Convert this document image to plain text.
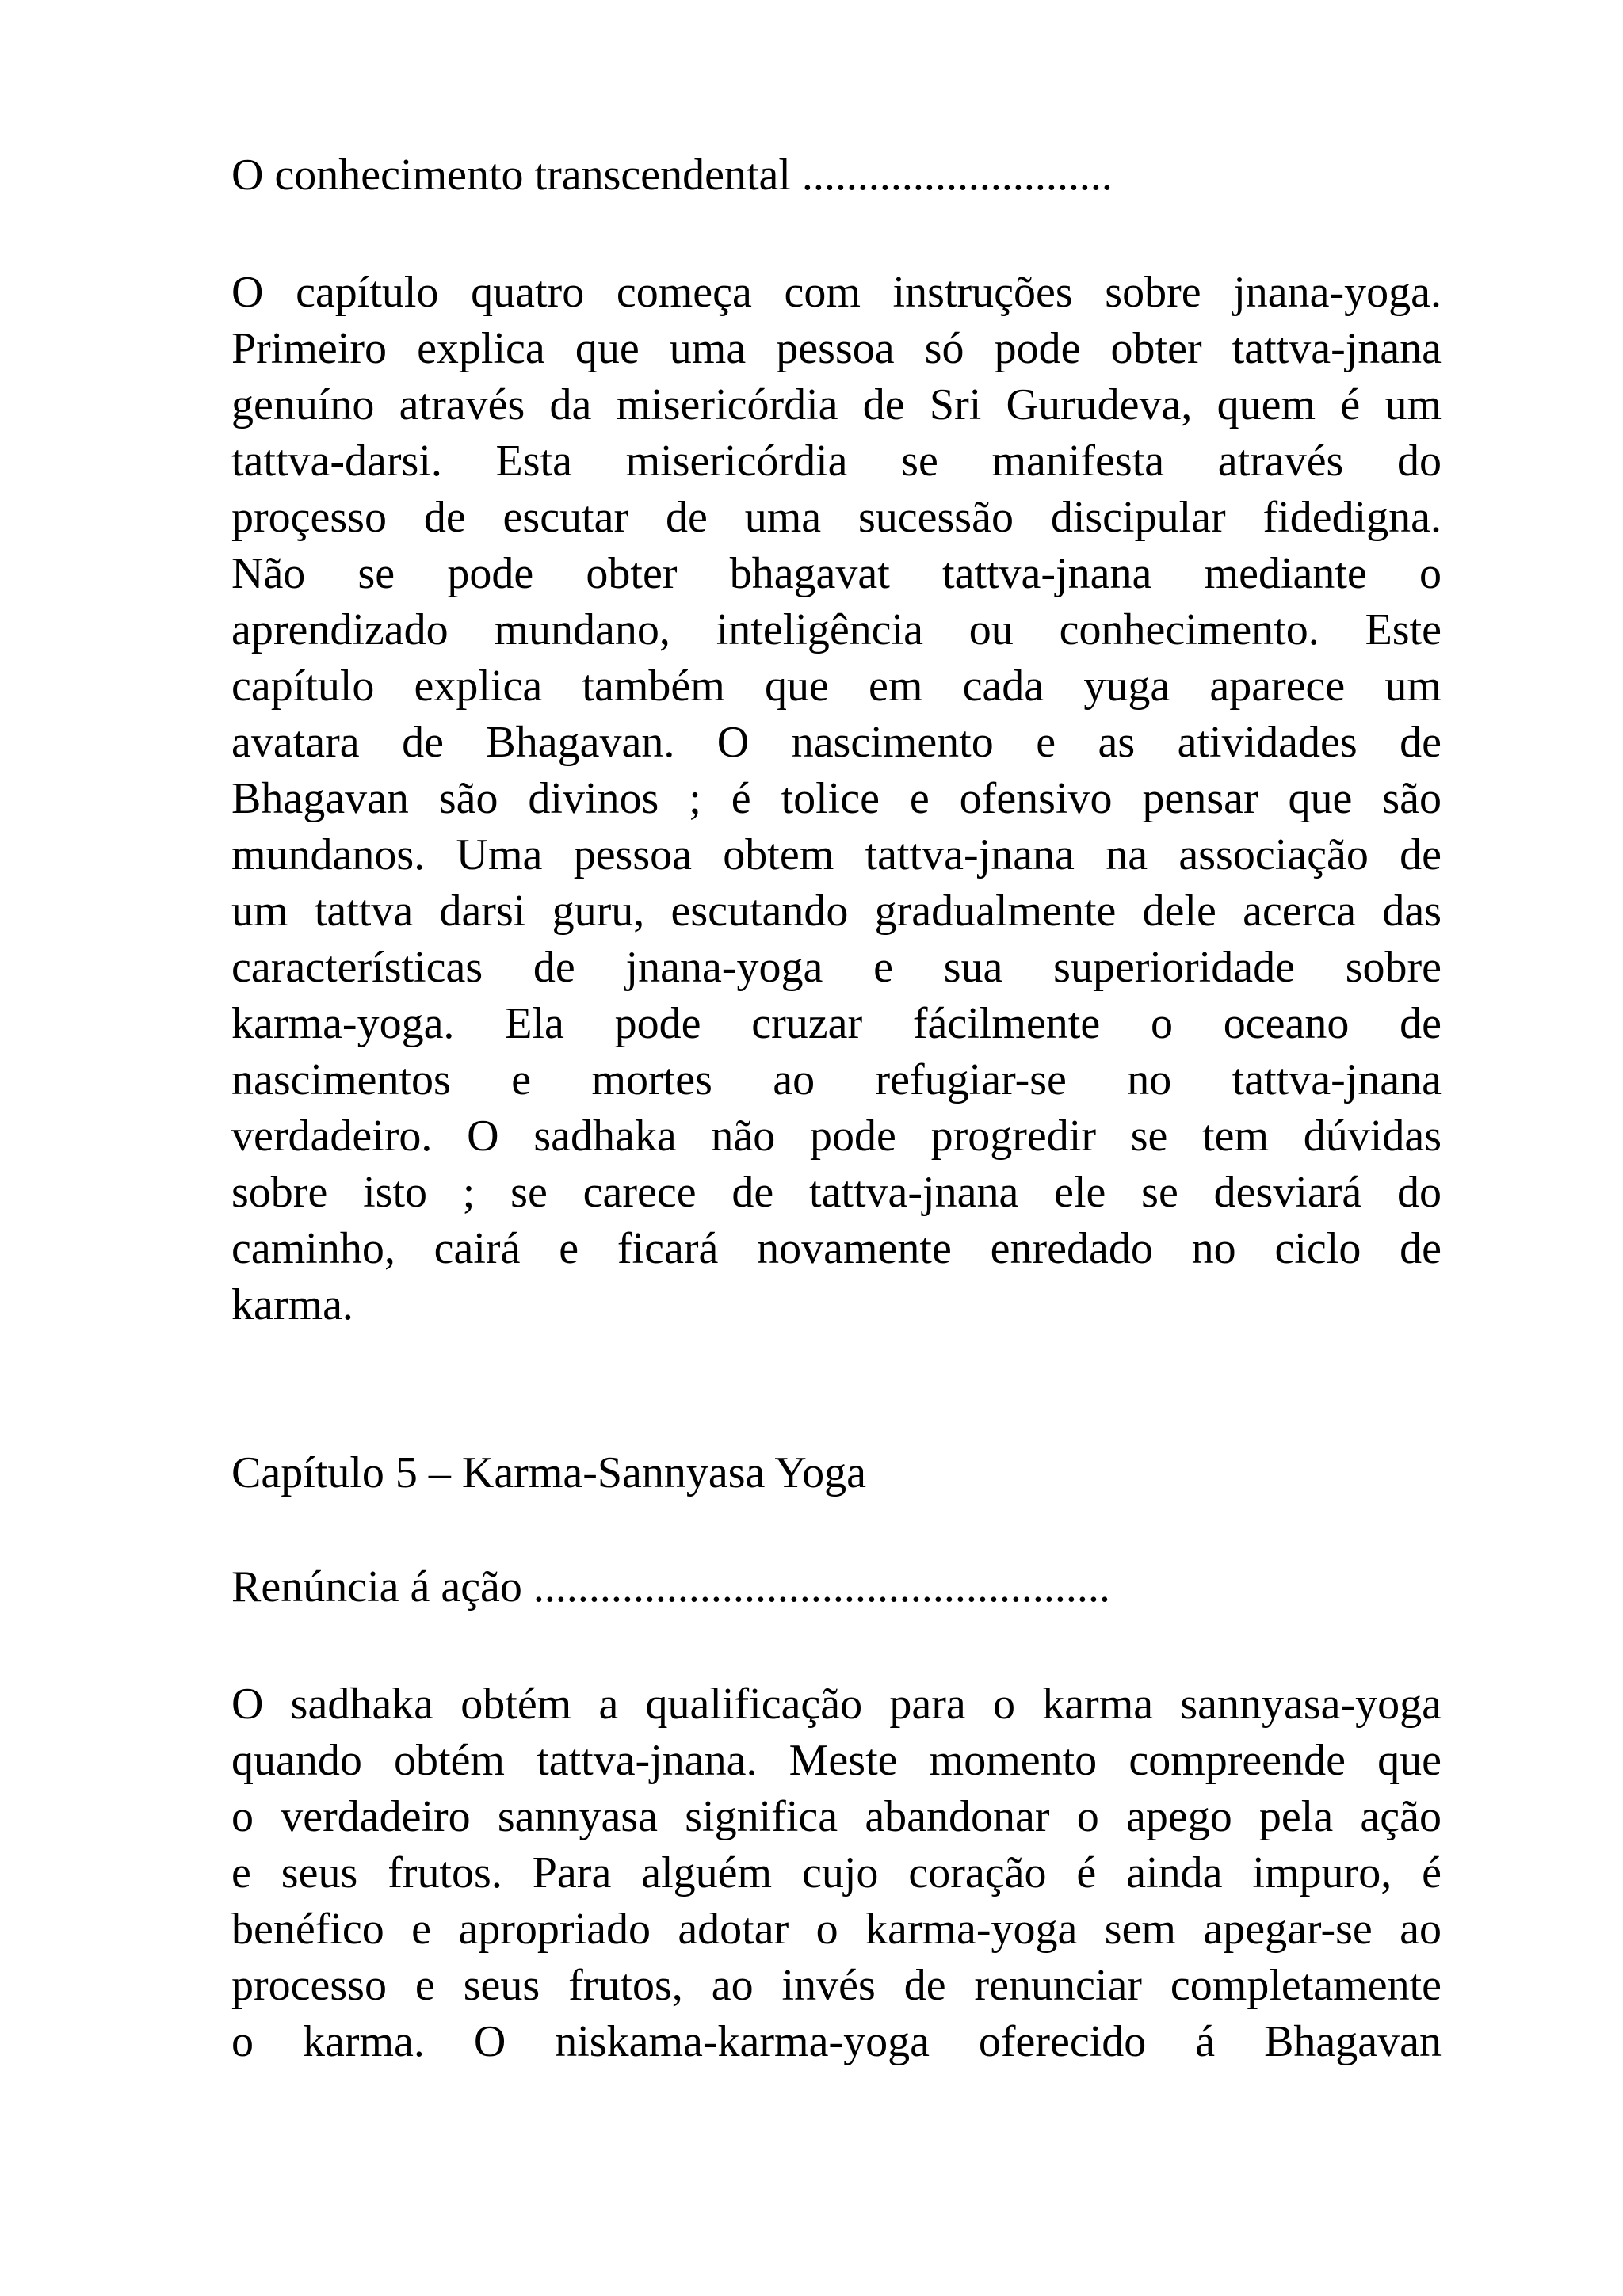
O conhecimento transcendental ............................
O capítulo quatro começa com instruções sobre jnana-yoga.
Primeiro explica que uma pessoa só pode obter tattva-jnana
genuíno através da misericórdia de Sri Gurudeva, quem é um
tattva-darsi. Esta misericórdia se manifesta através do
proçesso de escutar de uma sucessão discipular fidedigna.
Não se pode obter bhagavat tattva-jnana mediante o
aprendizado mundano, inteligência ou conhecimento. Este
capítulo explica também que em cada yuga aparece um
avatara de Bhagavan. O nascimento e as atividades de
Bhagavan são divinos ; é tolice e ofensivo pensar que são
mundanos. Uma pessoa obtem tattva-jnana na associação de
um tattva darsi guru, escutando gradualmente dele acerca das
características de jnana-yoga e sua superioridade sobre
karma-yoga. Ela pode cruzar fácilmente o oceano de
nascimentos e mortes ao refugiar-se no tattva-jnana
verdadeiro. O sadhaka não pode progredir se tem dúvidas
sobre isto ; se carece de tattva-jnana ele se desviará do
caminho, cairá e ficará novamente enredado no ciclo de
karma.
Capítulo 5 – Karma-Sannyasa Yoga
Renúncia á ação ....................................................
O sadhaka obtém a qualificação para o karma sannyasa-yoga
quando obtém tattva-jnana. Meste momento compreende que
o verdadeiro sannyasa significa abandonar o apego pela ação
e seus frutos. Para alguém cujo coração é ainda impuro, é
benéfico e apropriado adotar o karma-yoga sem apegar-se ao
processo e seus frutos, ao invés de renunciar completamente
o karma. O niskama-karma-yoga oferecido á Bhagavan
